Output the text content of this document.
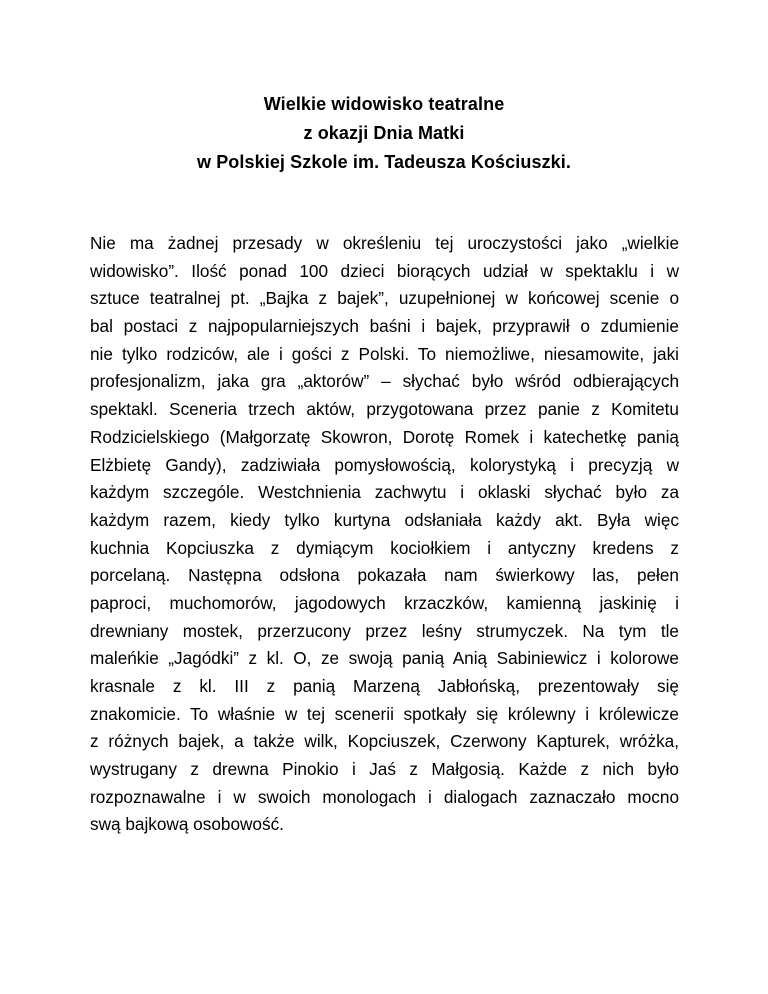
Wielkie widowisko teatralne
z okazji Dnia Matki
w Polskiej Szkole im. Tadeusza Kościuszki.
Nie ma żadnej przesady w określeniu tej uroczystości jako „wielkie
widowisko”. Ilość ponad 100 dzieci biorących udział w spektaklu i w
sztuce teatralnej pt. „Bajka z bajek”, uzupełnionej w końcowej scenie o
bal postaci z najpopularniejszych baśni i bajek, przyprawił o zdumienie
nie tylko rodziców, ale i gości z Polski. To niemożliwe, niesamowite, jaki
profesjonalizm, jaka gra „aktorów” – słychać było wśród odbierających
spektakl. Sceneria trzech aktów, przygotowana przez panie z Komitetu
Rodzicielskiego (Małgorzatę Skowron, Dorotę Romek i katechetkę panią
Elżbietę Gandy), zadziwiała pomysłowością, kolorystyką i precyzją w
każdym szczególe. Westchnienia zachwytu i oklaski słychać było za
każdym razem, kiedy tylko kurtyna odsłaniała każdy akt. Była więc
kuchnia Kopciuszka z dymiącym kociołkiem i antyczny kredens z
porcelaną. Następna odsłona pokazała nam świerkowy las, pełen
paproci, muchomorów, jagodowych krzaczków, kamienną jaskinię i
drewniany mostek, przerzucony przez leśny strumyczek. Na tym tle
maleńkie „Jagódki” z kl. O, ze swoją panią Anią Sabiniewicz i kolorowe
krasnale z kl. III z panią Marzeną Jabłońską, prezentowały się
znakomicie. To właśnie w tej scenerii spotkały się królewny i królewicze
z różnych bajek, a także wilk, Kopciuszek, Czerwony Kapturek, wróżka,
wystrugany z drewna Pinokio i Jaś z Małgosią. Każde z nich było
rozpoznawalne i w swoich monologach i dialogach zaznaczało mocno
swą bajkową osobowość.
